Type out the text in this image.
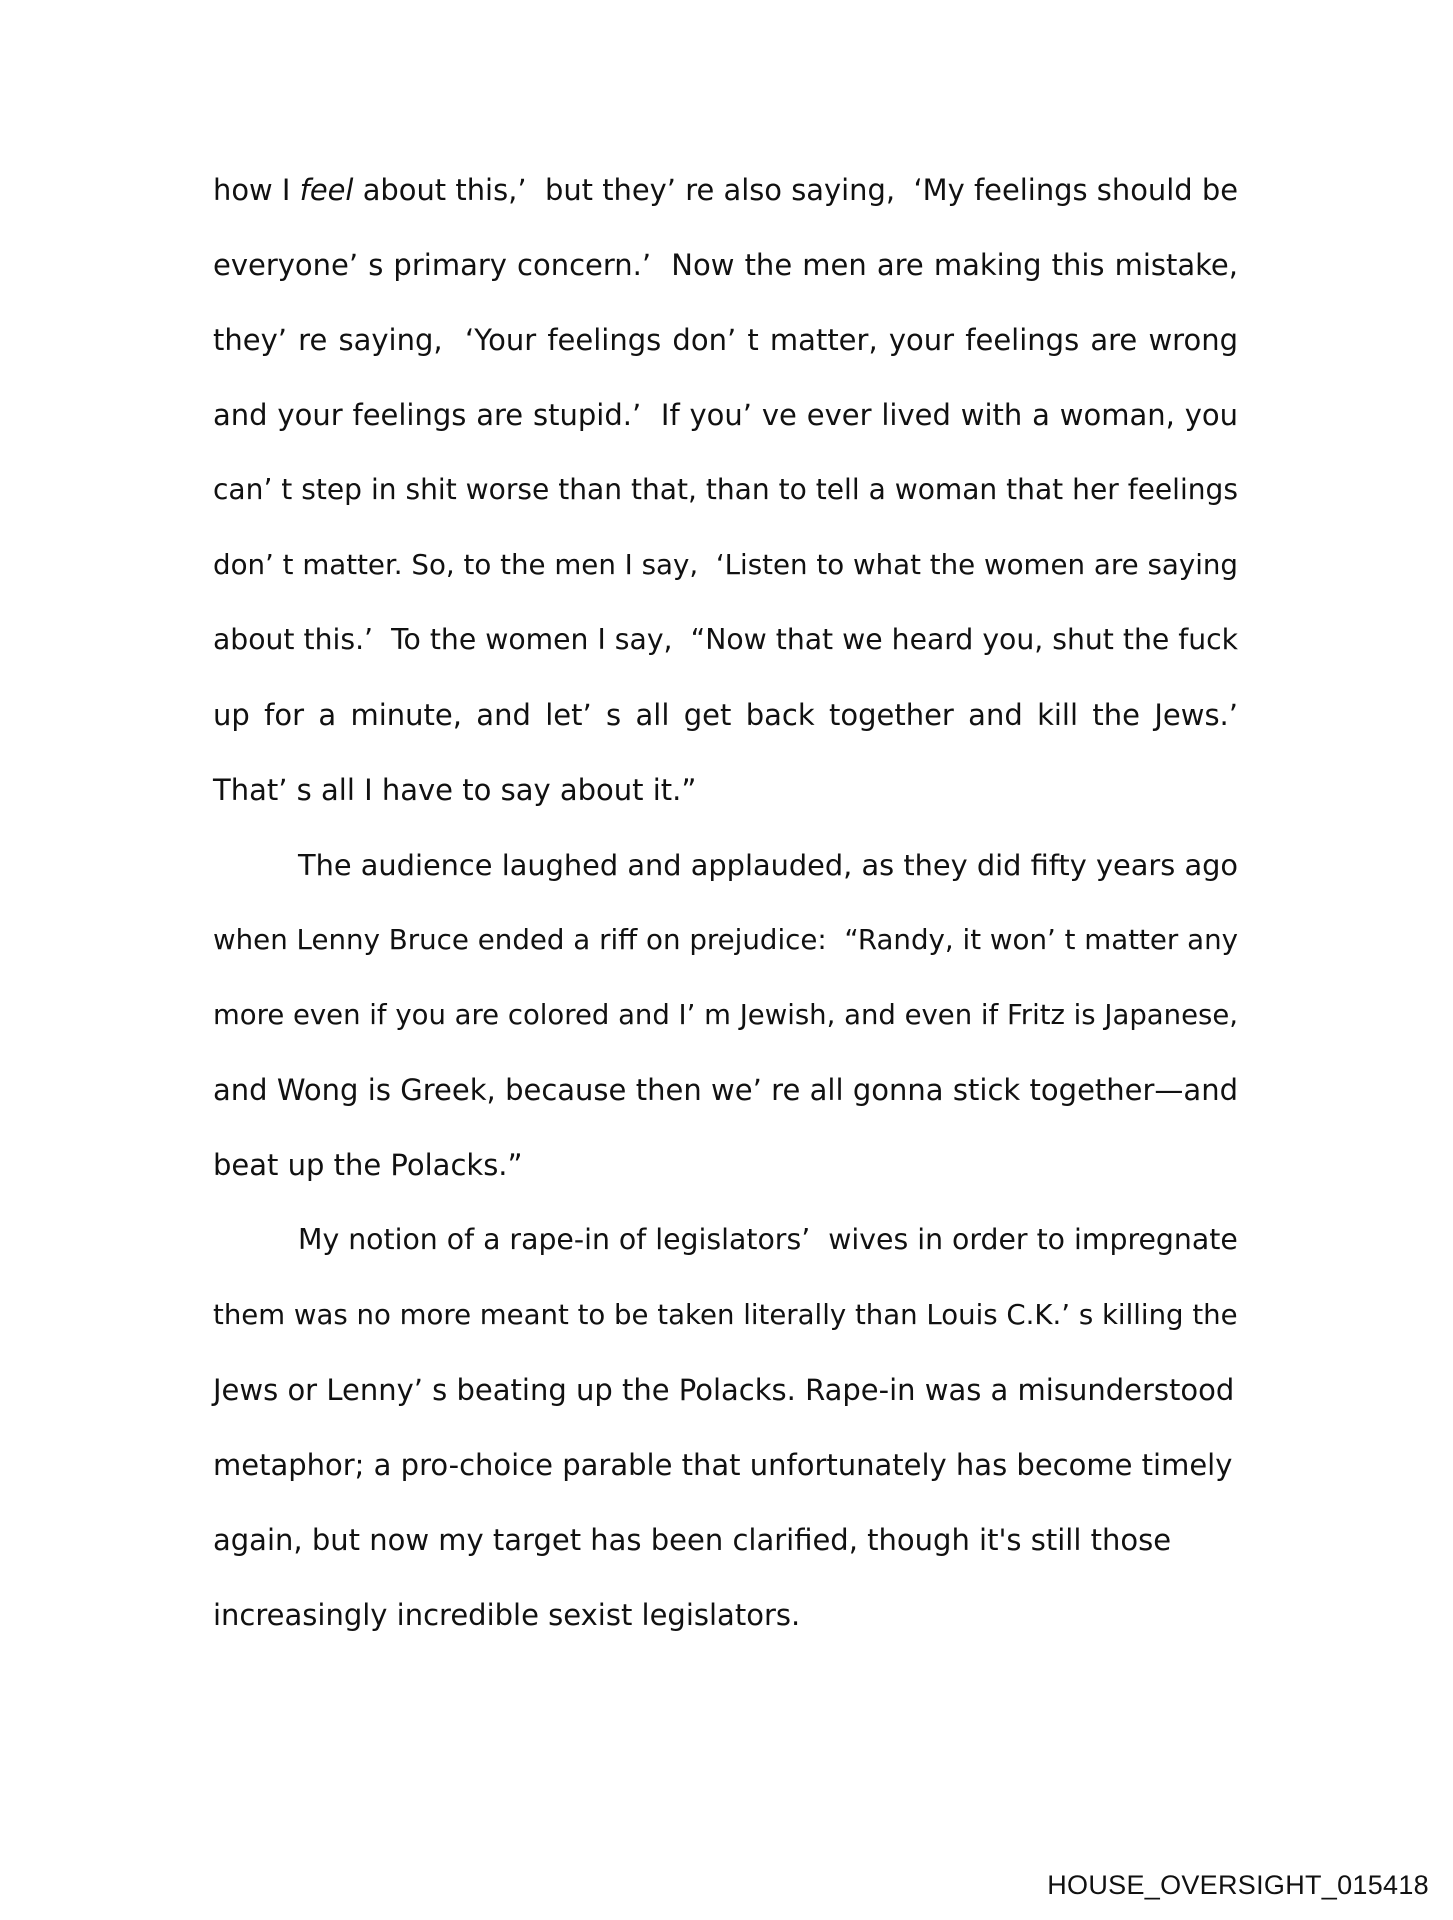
how I feel about this,’  but they’ re also saying,  ‘My feelings should be
everyone’ s primary concern.’  Now the men are making this mistake,
they’ re saying,  ‘Your feelings don’ t matter, your feelings are wrong
and your feelings are stupid.’  If you’ ve ever lived with a woman, you
can’ t step in shit worse than that, than to tell a woman that her feelings
don’ t matter. So, to the men I say,  ‘Listen to what the women are saying
about this.’  To the women I say,  “Now that we heard you, shut the fuck
up for a minute, and let’ s all get back together and kill the Jews.’
That’ s all I have to say about it.”
The audience laughed and applauded, as they did fifty years ago
when Lenny Bruce ended a riff on prejudice:  “Randy, it won’ t matter any
more even if you are colored and I’ m Jewish, and even if Fritz is Japanese,
and Wong is Greek, because then we’ re all gonna stick together—and
beat up the Polacks.”
My notion of a rape-in of legislators’  wives in order to impregnate
them was no more meant to be taken literally than Louis C.K.’ s killing the
Jews or Lenny’ s beating up the Polacks. Rape-in was a misunderstood
metaphor; a pro-choice parable that unfortunately has become timely
again, but now my target has been clarified, though it's still those
increasingly incredible sexist legislators.
HOUSE_OVERSIGHT_015418
